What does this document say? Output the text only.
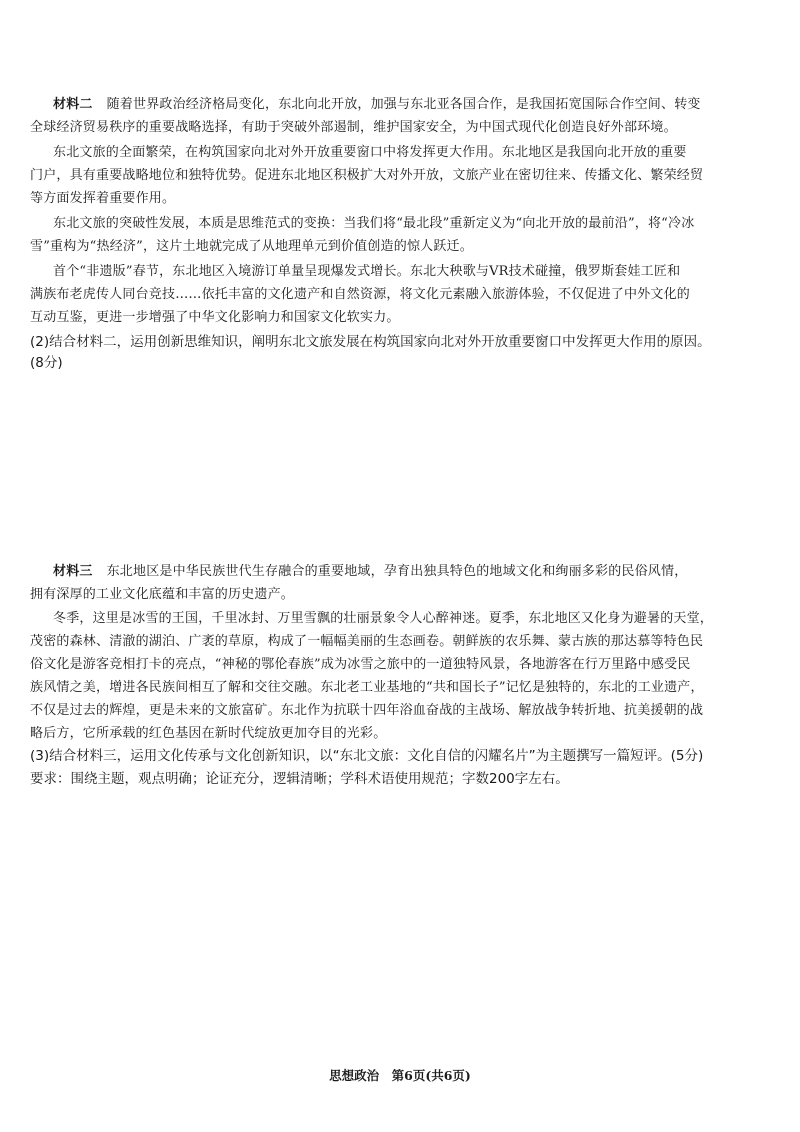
材料二 随着世界政治经济格局变化，东北向北开放，加强与东北亚各国合作，是我国拓宽国际合作空间、转变
全球经济贸易秩序的重要战略选择，有助于突破外部遏制，维护国家安全，为中国式现代化创造良好外部环境。
东北文旅的全面繁荣，在构筑国家向北对外开放重要窗口中将发挥更大作用。东北地区是我国向北开放的重要
门户，具有重要战略地位和独特优势。促进东北地区积极扩大对外开放，文旅产业在密切往来、传播文化、繁荣经贸
等方面发挥着重要作用。
东北文旅的突破性发展，本质是思维范式的变换：当我们将“最北段”重新定义为“向北开放的最前沿”，将“冷冰
雪”重构为“热经济”，这片土地就完成了从地理单元到价值创造的惊人跃迁。
首个“非遗版”春节，东北地区入境游订单量呈现爆发式增长。东北大秧歌与VR技术碰撞，俄罗斯套娃工匠和
满族布老虎传人同台竞技……依托丰富的文化遗产和自然资源，将文化元素融入旅游体验，不仅促进了中外文化的
互动互鉴，更进一步增强了中华文化影响力和国家文化软实力。
(2)结合材料二，运用创新思维知识，阐明东北文旅发展在构筑国家向北对外开放重要窗口中发挥更大作用的原因。
(8分)
材料三 东北地区是中华民族世代生存融合的重要地域，孕育出独具特色的地域文化和绚丽多彩的民俗风情，
拥有深厚的工业文化底蕴和丰富的历史遗产。
冬季，这里是冰雪的王国，千里冰封、万里雪飘的壮丽景象令人心醉神迷。夏季，东北地区又化身为避暑的天堂，
茂密的森林、清澈的湖泊、广袤的草原，构成了一幅幅美丽的生态画卷。朝鲜族的农乐舞、蒙古族的那达慕等特色民
俗文化是游客竞相打卡的亮点，“神秘的鄂伦春族”成为冰雪之旅中的一道独特风景，各地游客在行万里路中感受民
族风情之美，增进各民族间相互了解和交往交融。东北老工业基地的“共和国长子”记忆是独特的，东北的工业遗产，
不仅是过去的辉煌，更是未来的文旅富矿。东北作为抗联十四年浴血奋战的主战场、解放战争转折地、抗美援朝的战
略后方，它所承载的红色基因在新时代绽放更加夺目的光彩。
(3)结合材料三，运用文化传承与文化创新知识，以“东北文旅：文化自信的闪耀名片”为主题撰写一篇短评。(5分)
要求：围绕主题，观点明确；论证充分，逻辑清晰；学科术语使用规范；字数200字左右。
思想政治　第6页(共6页)
